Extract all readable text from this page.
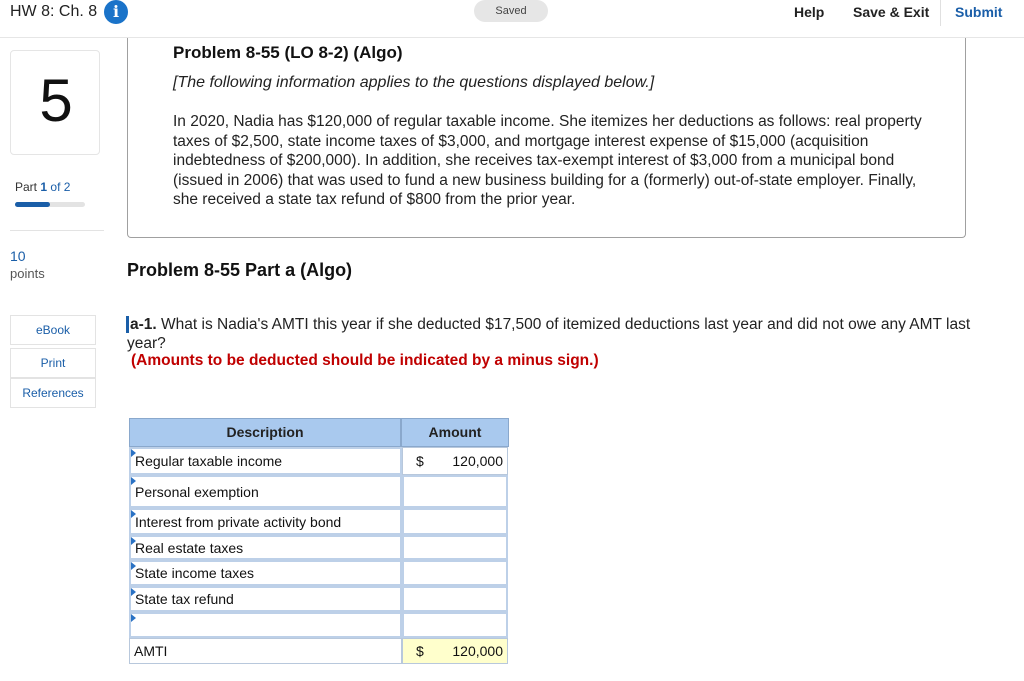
HW 8: Ch. 8 i	Saved	Help Save & Exit Submit
5
Part 1 of 2
10
points
eBook
Print
References
Problem 8-55 (LO 8-2) (Algo)
[The following information applies to the questions displayed below.]
In 2020, Nadia has $120,000 of regular taxable income. She itemizes her deductions as follows: real property taxes of $2,500, state income taxes of $3,000, and mortgage interest expense of $15,000 (acquisition indebtedness of $200,000). In addition, she receives tax-exempt interest of $3,000 from a municipal bond (issued in 2006) that was used to fund a new business building for a (formerly) out-of-state employer. Finally, she received a state tax refund of $800 from the prior year.
Problem 8-55 Part a (Algo)
a-1. What is Nadia's AMTI this year if she deducted $17,500 of itemized deductions last year and did not owe any AMT last year?
(Amounts to be deducted should be indicated by a minus sign.)
Description	Amount
Regular taxable income	$ 120,000
Personal exemption
Interest from private activity bond
Real estate taxes
State income taxes
State tax refund
AMTI	$ 120,000
